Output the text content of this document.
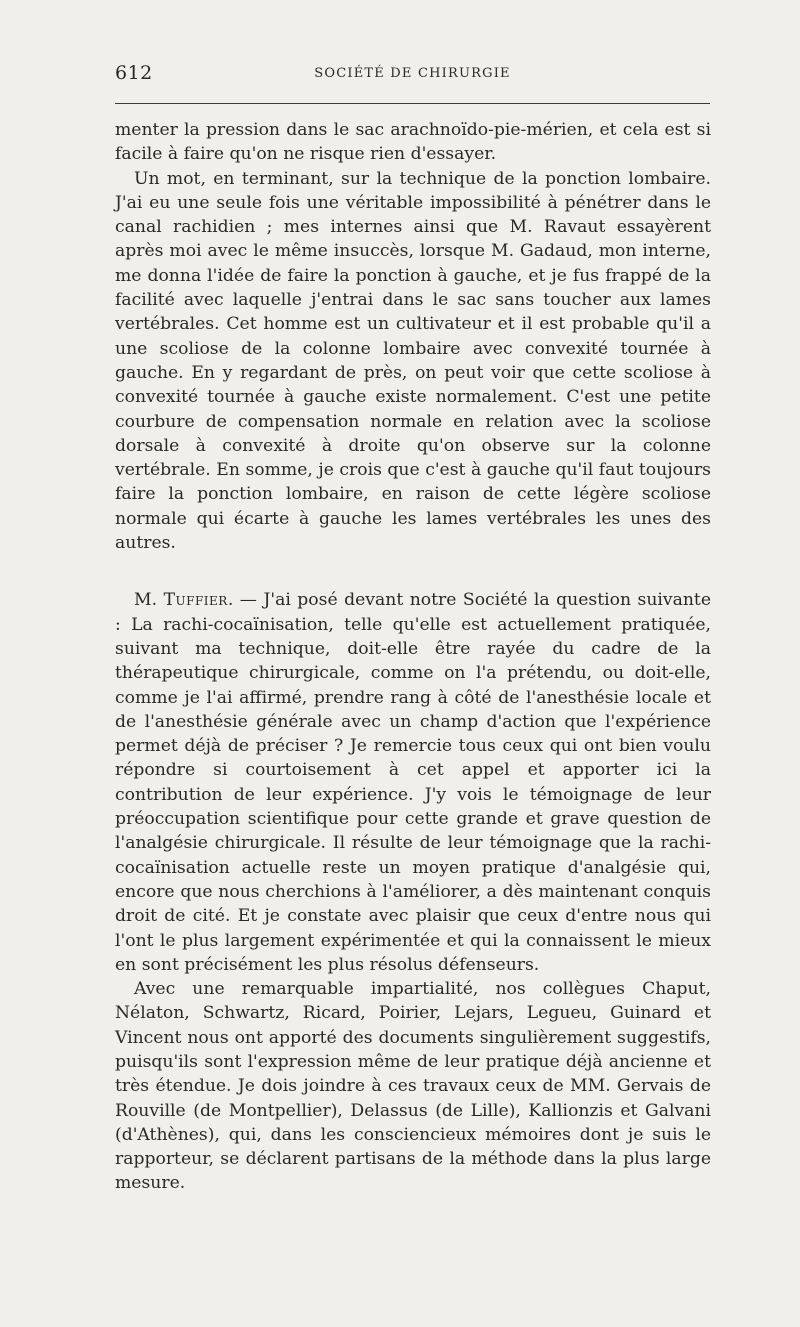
612	SOCIÉTÉ DE CHIRURGIE

menter la pression dans le sac arachnoïdo-pie-mérien, et cela est si facile à faire qu'on ne risque rien d'essayer.

Un mot, en terminant, sur la technique de la ponction lombaire. J'ai eu une seule fois une véritable impossibilité à pénétrer dans le canal rachidien ; mes internes ainsi que M. Ravaut essayèrent après moi avec le même insuccès, lorsque M. Gadaud, mon interne, me donna l'idée de faire la ponction à gauche, et je fus frappé de la facilité avec laquelle j'entrai dans le sac sans toucher aux lames vertébrales. Cet homme est un cultivateur et il est probable qu'il a une scoliose de la colonne lombaire avec convexité tournée à gauche. En y regardant de près, on peut voir que cette scoliose à convexité tournée à gauche existe normalement. C'est une petite courbure de compensation normale en relation avec la scoliose dorsale à convexité à droite qu'on observe sur la colonne vertébrale. En somme, je crois que c'est à gauche qu'il faut toujours faire la ponction lombaire, en raison de cette légère scoliose normale qui écarte à gauche les lames vertébrales les unes des autres.

M. Tuffier. — J'ai posé devant notre Société la question suivante : La rachi-cocaïnisation, telle qu'elle est actuellement pratiquée, suivant ma technique, doit-elle être rayée du cadre de la thérapeutique chirurgicale, comme on l'a prétendu, ou doit-elle, comme je l'ai affirmé, prendre rang à côté de l'anesthésie locale et de l'anesthésie générale avec un champ d'action que l'expérience permet déjà de préciser ? Je remercie tous ceux qui ont bien voulu répondre si courtoisement à cet appel et apporter ici la contribution de leur expérience. J'y vois le témoignage de leur préoccupation scientifique pour cette grande et grave question de l'analgésie chirurgicale. Il résulte de leur témoignage que la rachi-cocaïnisation actuelle reste un moyen pratique d'analgésie qui, encore que nous cherchions à l'améliorer, a dès maintenant conquis droit de cité. Et je constate avec plaisir que ceux d'entre nous qui l'ont le plus largement expérimentée et qui la connaissent le mieux en sont précisément les plus résolus défenseurs.

Avec une remarquable impartialité, nos collègues Chaput, Nélaton, Schwartz, Ricard, Poirier, Lejars, Legueu, Guinard et Vincent nous ont apporté des documents singulièrement suggestifs, puisqu'ils sont l'expression même de leur pratique déjà ancienne et très étendue. Je dois joindre à ces travaux ceux de MM. Gervais de Rouville (de Montpellier), Delassus (de Lille), Kallionzis et Galvani (d'Athènes), qui, dans les consciencieux mémoires dont je suis le rapporteur, se déclarent partisans de la méthode dans la plus large mesure.
